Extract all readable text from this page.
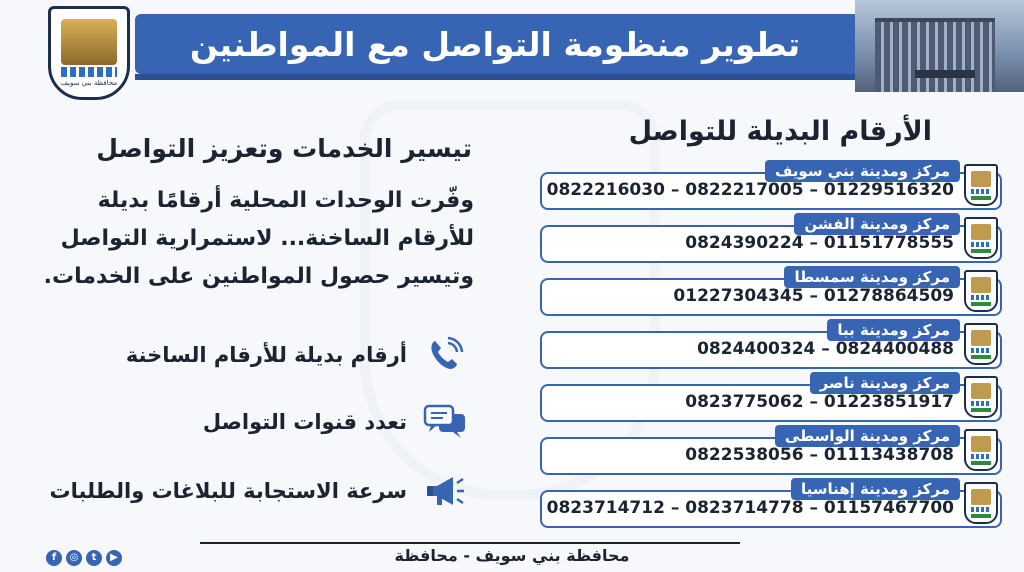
تطوير منظومة التواصل مع المواطنين
محافظة بني سويف
الأرقام البديلة للتواصل
مركز ومدينة بني سويف
0822216030 – 0822217005 – 01229516320
مركز ومدينة الفشن
0824390224 – 01151778555
مركز ومدينة سمسطا
01227304345 – 01278864509
مركز ومدينة ببا
0824400324 – 0824400488
مركز ومدينة ناصر
0823775062 – 01223851917
مركز ومدينة الواسطى
0822538056 – 01113438708
مركز ومدينة إهناسيا
0823714712 – 0823714778 – 01157467700
تيسير الخدمات وتعزيز التواصل
وفّرت الوحدات المحلية أرقامًا بديلة للأرقام الساخنة... لاستمرارية التواصل وتيسير حصول المواطنين على الخدمات.
أرقام بديلة للأرقام الساخنة
تعدد قنوات التواصل
سرعة الاستجابة للبلاغات والطلبات
محافظة بني سويف - محافظة
f	◎	t	▶
